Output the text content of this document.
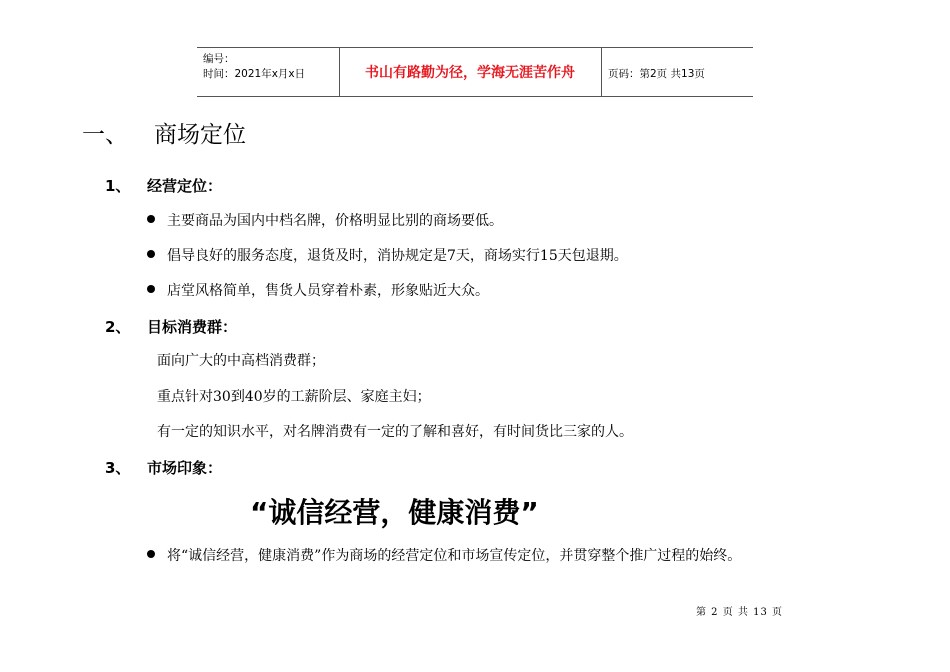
编号：
时间：2021年x月x日	书山有路勤为径，学海无涯苦作舟	页码：第2页 共13页
一、 商场定位
1、 经营定位：
主要商品为国内中档名牌，价格明显比别的商场要低。
倡导良好的服务态度，退货及时，消协规定是7天，商场实行15天包退期。
店堂风格简单，售货人员穿着朴素，形象贴近大众。
2、 目标消费群：
面向广大的中高档消费群；
重点针对30到40岁的工薪阶层、家庭主妇；
有一定的知识水平，对名牌消费有一定的了解和喜好，有时间货比三家的人。
3、 市场印象：
“诚信经营，健康消费”
将“诚信经营，健康消费”作为商场的经营定位和市场宣传定位，并贯穿整个推广过程的始终。
第 2 页 共 13 页
